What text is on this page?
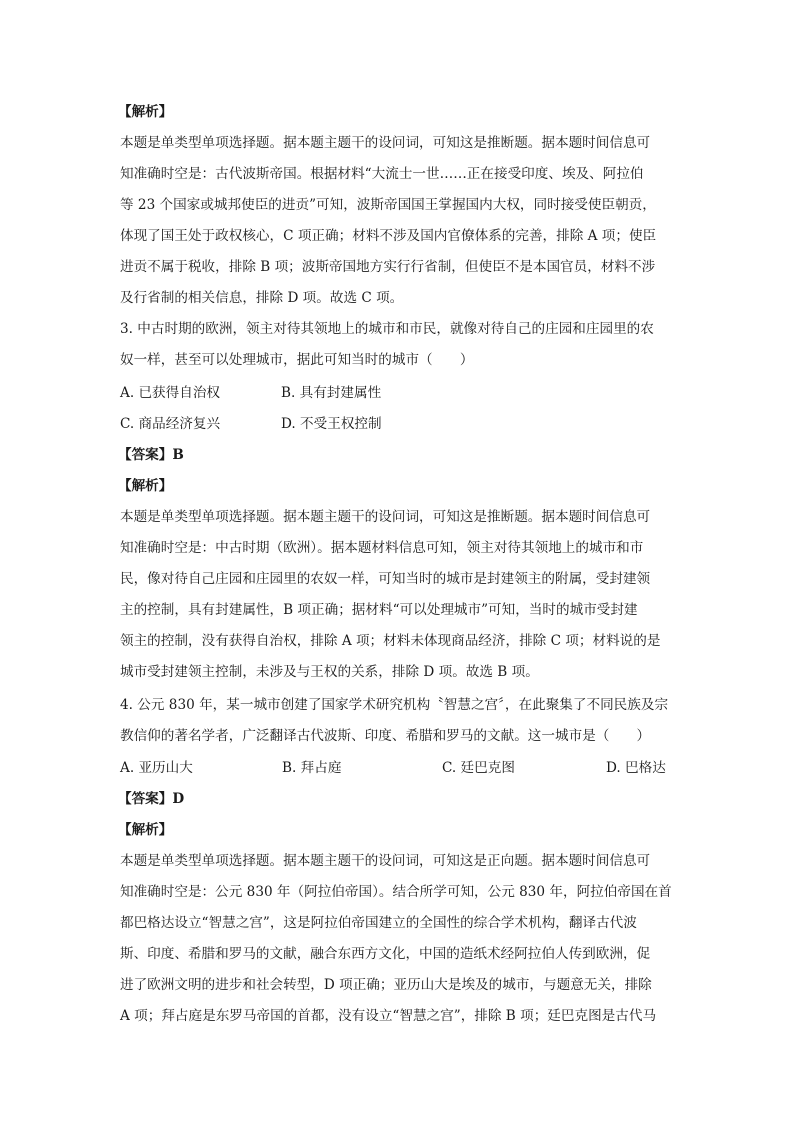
【解析】
本题是单类型单项选择题。据本题主题干的设问词，可知这是推断题。据本题时间信息可
知准确时空是：古代波斯帝国。根据材料“大流士一世……正在接受印度、埃及、阿拉伯
等 23 个国家或城邦使臣的进贡”可知，波斯帝国国王掌握国内大权，同时接受使臣朝贡，
体现了国王处于政权核心，C 项正确；材料不涉及国内官僚体系的完善，排除 A 项；使臣
进贡不属于税收，排除 B 项；波斯帝国地方实行行省制，但使臣不是本国官员，材料不涉
及行省制的相关信息，排除 D 项。故选 C 项。
3. 中古时期的欧洲，领主对待其领地上的城市和市民，就像对待自己的庄园和庄园里的农
奴一样，甚至可以处理城市，据此可知当时的城市（　　）
A. 已获得自治权	B. 具有封建属性
C. 商品经济复兴	D. 不受王权控制
【答案】B
【解析】
本题是单类型单项选择题。据本题主题干的设问词，可知这是推断题。据本题时间信息可
知准确时空是：中古时期（欧洲）。据本题材料信息可知，领主对待其领地上的城市和市
民，像对待自己庄园和庄园里的农奴一样，可知当时的城市是封建领主的附属，受封建领
主的控制，具有封建属性，B 项正确；据材料“可以处理城市”可知，当时的城市受封建
领主的控制，没有获得自治权，排除 A 项；材料未体现商品经济，排除 C 项；材料说的是
城市受封建领主控制，未涉及与王权的关系，排除 D 项。故选 B 项。
4. 公元 830 年，某一城市创建了国家学术研究机构〝智慧之宫〞，在此聚集了不同民族及宗
教信仰的著名学者，广泛翻译古代波斯、印度、希腊和罗马的文献。这一城市是（　　）
A. 亚历山大	B. 拜占庭	C. 廷巴克图	D. 巴格达
【答案】D
【解析】
本题是单类型单项选择题。据本题主题干的设问词，可知这是正向题。据本题时间信息可
知准确时空是：公元 830 年（阿拉伯帝国）。结合所学可知，公元 830 年，阿拉伯帝国在首
都巴格达设立“智慧之宫”，这是阿拉伯帝国建立的全国性的综合学术机构，翻译古代波
斯、印度、希腊和罗马的文献，融合东西方文化，中国的造纸术经阿拉伯人传到欧洲，促
进了欧洲文明的进步和社会转型，D 项正确；亚历山大是埃及的城市，与题意无关，排除
A 项；拜占庭是东罗马帝国的首都，没有设立“智慧之宫”，排除 B 项；廷巴克图是古代马
